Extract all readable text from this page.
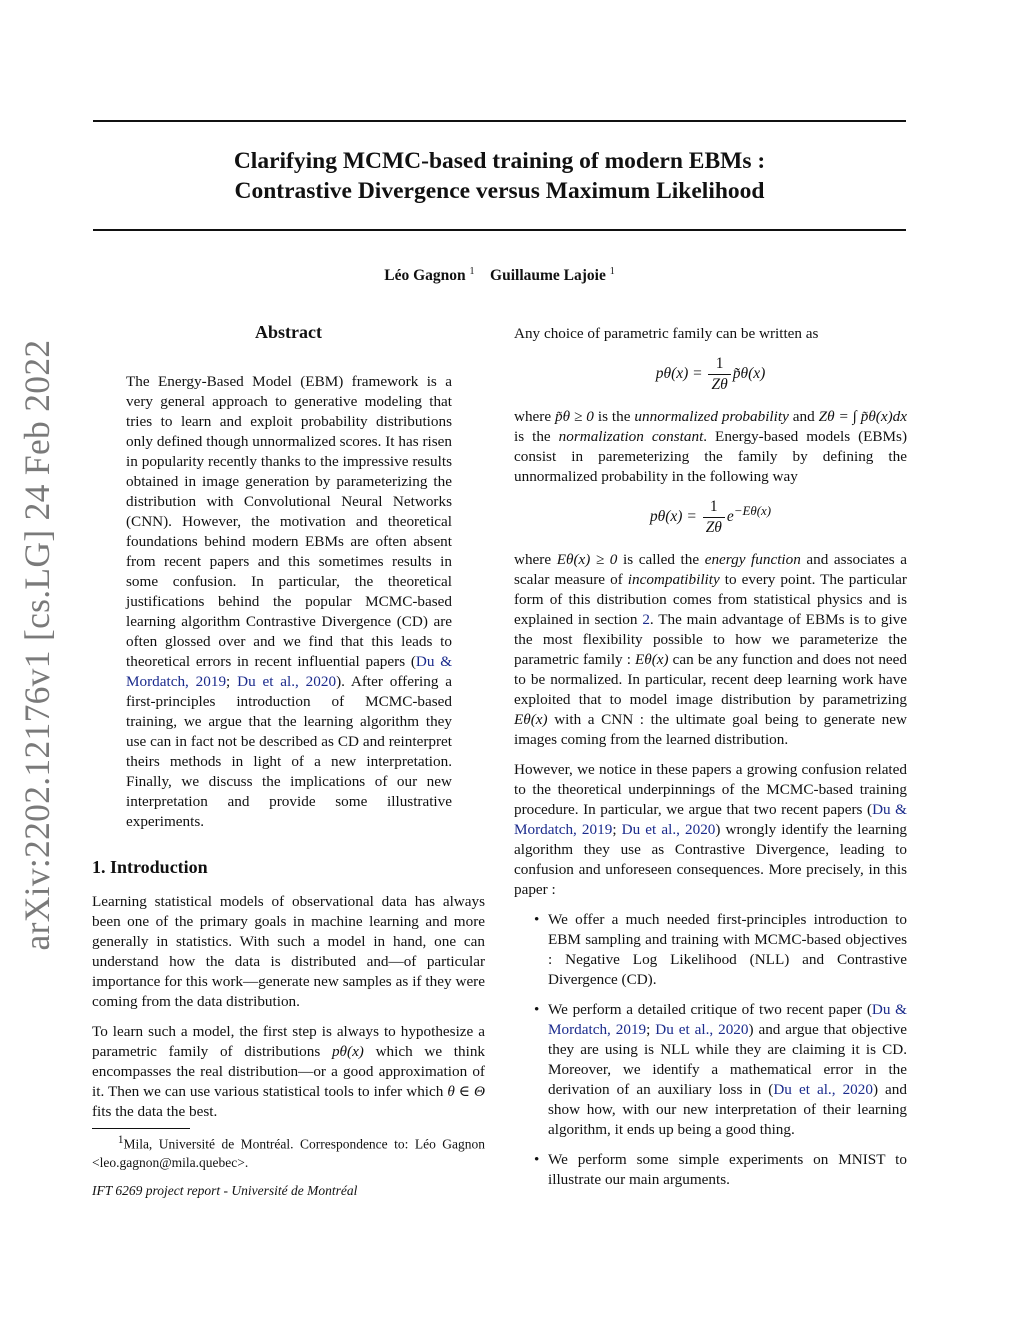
arXiv:2202.12176v1 [cs.LG] 24 Feb 2022
Clarifying MCMC-based training of modern EBMs :
Contrastive Divergence versus Maximum Likelihood
Léo Gagnon $^1$ Guillaume Lajoie $^1$
Abstract
The Energy-Based Model (EBM) framework is a very general approach to generative modeling that tries to learn and exploit probability distributions only defined though unnormalized scores. It has risen in popularity recently thanks to the impressive results obtained in image generation by parameterizing the distribution with Convolutional Neural Networks (CNN). However, the motivation and theoretical foundations behind modern EBMs are often absent from recent papers and this sometimes results in some confusion. In particular, the theoretical justifications behind the popular MCMC-based learning algorithm Contrastive Divergence (CD) are often glossed over and we find that this leads to theoretical errors in recent influential papers (Du & Mordatch, 2019; Du et al., 2020). After offering a first-principles introduction of MCMC-based training, we argue that the learning algorithm they use can in fact not be described as CD and reinterpret theirs methods in light of a new interpretation. Finally, we discuss the implications of our new interpretation and provide some illustrative experiments.
1. Introduction

Learning statistical models of observational data has always been one of the primary goals in machine learning and more generally in statistics. With such a model in hand, one can understand how the data is distributed and—of particular importance for this work—generate new samples as if they were coming from the data distribution.

To learn such a model, the first step is always to hypothesize a parametric family of distributions pθ(x) which we think encompasses the real distribution—or a good approximation of it. Then we can use various statistical tools to infer which θ ∈ Θ fits the data the best.

$^1$Mila, Université de Montréal. Correspondence to: Léo Gagnon <leo.gagnon@mila.quebec>.
IFT 6269 project report - Université de Montréal

Any choice of parametric family can be written as

$p\theta(x) = \frac{1}{Z\theta}$ p̃θ(x)

where p̃θ ≥ 0 is the unnormalized probability and Zθ = ∫ p̃θ(x)dx is the normalization constant. Energy-based models (EBMs) consist in paremeterizing the family by defining the unnormalized probability in the following way

$p\theta(x) = \frac{1}{Z\theta} e^{-E\theta(x)}$

where Eθ(x) ≥ 0 is called the energy function and associates a scalar measure of incompatibility to every point. The particular form of this distribution comes from statistical physics and is explained in section 2. The main advantage of EBMs is to give the most flexibility possible to how we parameterize the parametric family : Eθ(x) can be any function and does not need to be normalized. In particular, recent deep learning work have exploited that to model image distribution by parametrizing Eθ(x) with a CNN : the ultimate goal being to generate new images coming from the learned distribution.

However, we notice in these papers a growing confusion related to the theoretical underpinnings of the MCMC-based training procedure. In particular, we argue that two recent papers (Du & Mordatch, 2019; Du et al., 2020) wrongly identify the learning algorithm they use as Contrastive Divergence, leading to confusion and unforeseen consequences. More precisely, in this paper :

• We offer a much needed first-principles introduction to EBM sampling and training with MCMC-based objectives : Negative Log Likelihood (NLL) and Contrastive Divergence (CD).
• We perform a detailed critique of two recent paper (Du & Mordatch, 2019; Du et al., 2020) and argue that objective they are using is NLL while they are claiming it is CD. Moreover, we identify a mathematical error in the derivation of an auxiliary loss in (Du et al., 2020) and show how, with our new interpretation of their learning algorithm, it ends up being a good thing.
• We perform some simple experiments on MNIST to illustrate our main arguments.
